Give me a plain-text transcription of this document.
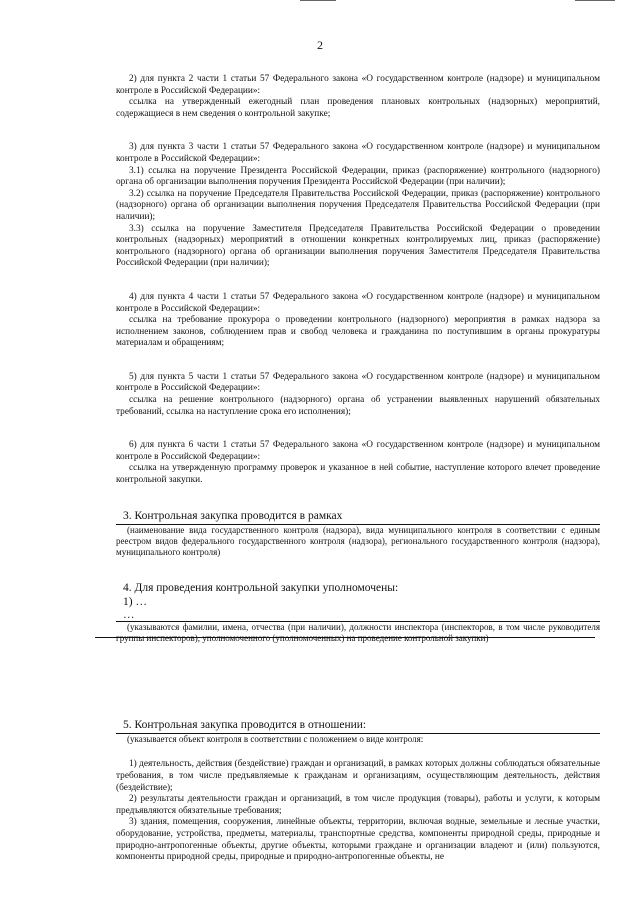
2

2) для пункта 2 части 1 статьи 57 Федерального закона «О государственном контроле (надзоре) и муниципальном контроле в Российской Федерации»:

ссылка на утвержденный ежегодный план проведения плановых контрольных (надзорных) мероприятий, содержащиеся в нем сведения о контрольной закупке;

3) для пункта 3 части 1 статьи 57 Федерального закона «О государственном контроле (надзоре) и муниципальном контроле в Российской Федерации»:

3.1) ссылка на поручение Президента Российской Федерации, приказ (распоряжение) контрольного (надзорного) органа об организации выполнения поручения Президента Российской Федерации (при наличии);

3.2) ссылка на поручение Председателя Правительства Российской Федерации, приказ (распоряжение) контрольного (надзорного) органа об организации выполнения поручения Председателя Правительства Российской Федерации (при наличии);

3.3) ссылка на поручение Заместителя Председателя Правительства Российской Федерации о проведении контрольных (надзорных) мероприятий в отношении конкретных контролируемых лиц, приказ (распоряжение) контрольного (надзорного) органа об организации выполнения поручения Заместителя Председателя Правительства Российской Федерации (при наличии);

4) для пункта 4 части 1 статьи 57 Федерального закона «О государственном контроле (надзоре) и муниципальном контроле в Российской Федерации»:

ссылка на требование прокурора о проведении контрольного (надзорного) мероприятия в рамках надзора за исполнением законов, соблюдением прав и свобод человека и гражданина по поступившим в органы прокуратуры материалам и обращениям;

5) для пункта 5 части 1 статьи 57 Федерального закона «О государственном контроле (надзоре) и муниципальном контроле в Российской Федерации»:

ссылка на решение контрольного (надзорного) органа об устранении выявленных нарушений обязательных требований, ссылка на наступление срока его исполнения);

6) для пункта 6 части 1 статьи 57 Федерального закона «О государственном контроле (надзоре) и муниципальном контроле в Российской Федерации»:

ссылка на утвержденную программу проверок и указанное в ней событие, наступление которого влечет проведение контрольной закупки.

3. Контрольная закупка проводится в рамках

(наименование вида государственного контроля (надзора), вида муниципального контроля в соответствии с единым реестром видов федерального государственного контроля (надзора), регионального государственного контроля (надзора), муниципального контроля)

4. Для проведения контрольной закупки уполномочены:

1) …

…

(указываются фамилии, имена, отчества (при наличии), должности инспектора (инспекторов, в том числе руководителя группы инспекторов), уполномоченного (уполномоченных) на проведение контрольной закупки)

5. Контрольная закупка проводится в отношении:

(указывается объект контроля в соответствии с положением о виде контроля:

1) деятельность, действия (бездействие) граждан и организаций, в рамках которых должны соблюдаться обязательные требования, в том числе предъявляемые к гражданам и организациям, осуществляющим деятельность, действия (бездействие);

2) результаты деятельности граждан и организаций, в том числе продукция (товары), работы и услуги, к которым предъявляются обязательные требования;

3) здания, помещения, сооружения, линейные объекты, территории, включая водные, земельные и лесные участки, оборудование, устройства, предметы, материалы, транспортные средства, компоненты природной среды, природные и природно-антропогенные объекты, другие объекты, которыми граждане и организации владеют и (или) пользуются, компоненты природной среды, природные и природно-антропогенные объекты, не
